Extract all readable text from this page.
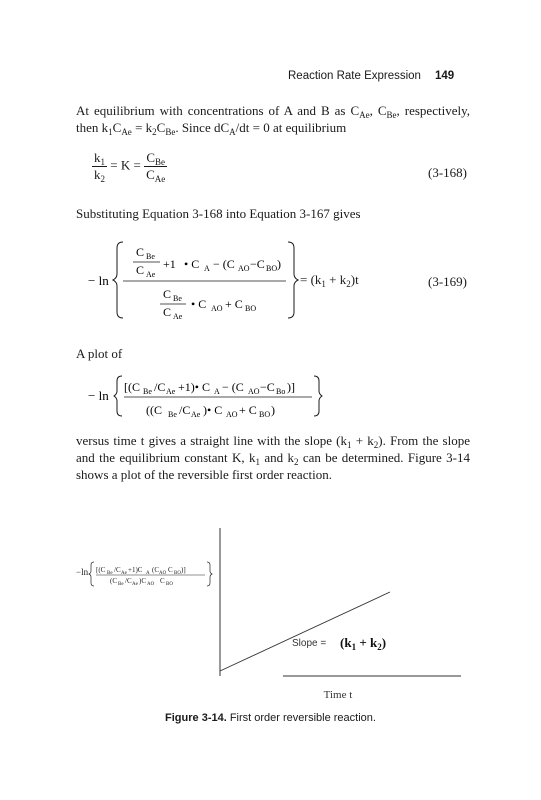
Reaction Rate Expression 149

At equilibrium with concentrations of A and B as $C_{Ae}$, $C_{Be}$, respectively, then $k_1C_{Ae} = k_2C_{Be}$. Since $dC_A/dt = 0$ at equilibrium

$\frac{k_1}{k_2} = K = \frac{C_{Be}}{C_{Ae}}$	(3-168)

Substituting Equation 3-168 into Equation 3-167 gives

− ln
C Be
C Ae
+1 • C A − (C AO −C BO )
C Be
C Ae
• C AO + C BO
= $(k_1 + k_2)t$	(3-169)

A plot of

− ln
[(C Be /C Ae +1)• C A − (C AO −C Bo )]
((C Be /C Ae )• C AO + C BO )

versus time t gives a straight line with the slope $(k_1 + k_2)$. From the slope and the equilibrium constant K, $k_1$ and $k_2$ can be determined. Figure 3-14 shows a plot of the reversible first order reaction.

−ln [(C Be /C Ae +1)C A (C AO C BO )]
(C Be /C Ae )C AO C BO
Slope = $(k_1 + k_2)$
Time t
Figure 3-14. First order reversible reaction.
